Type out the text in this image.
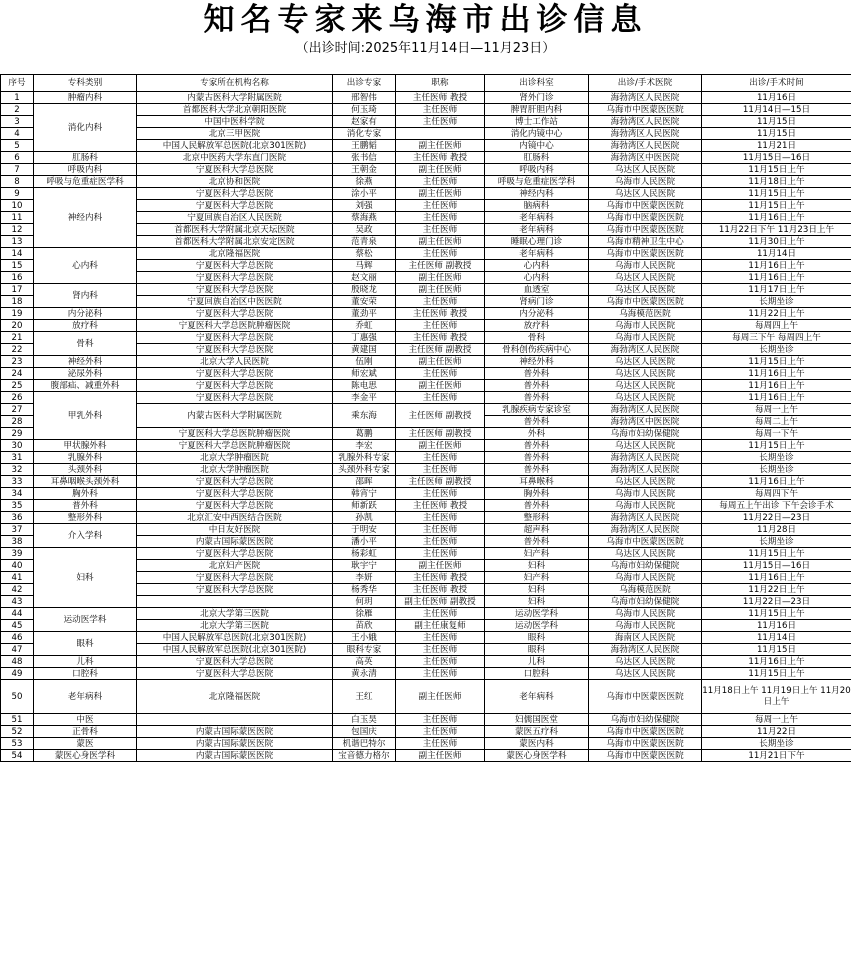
知名专家来乌海市出诊信息
（出诊时间:2025年11月14日—11月23日）
序号	专科类别	专家所在机构名称	出诊专家	职称	出诊科室	出诊/手术医院	出诊/手术时间
1	肿瘤内科	内蒙古医科大学附属医院	邢智伟	主任医师 教授	肾外门诊	海勃湾区人民医院	11月16日
2	消化内科	首都医科大学北京朝阳医院	何玉琦	主任医师	脾胃肝胆内科	乌海市中医蒙医医院	11月14日—15日
3		中国中医科学院	赵家有	主任医师	博士工作站	海勃湾区人民医院	11月15日
4		北京三甲医院	消化专家		消化内镜中心	海勃湾区人民医院	11月15日
5		中国人民解放军总医院(北京301医院)	王鹏韬	副主任医师	内镜中心	海勃湾区人民医院	11月21日
6	肛肠科	北京中医药大学东直门医院	张书信	主任医师 教授	肛肠科	海勃湾区中医医院	11月15日—16日
7	呼吸内科	宁夏医科大学总医院	王朝金	副主任医师	呼吸内科	乌达区人民医院	11月15日上午
8	呼吸与危重症医学科	北京协和医院	徐燕	主任医师	呼吸与危重症医学科	乌海市人民医院	11月18日上午
9	神经内科	宁夏医科大学总医院	涂小平	副主任医师	神经内科	乌达区人民医院	11月15日上午
10		宁夏医科大学总医院	刘强	主任医师	脑病科	乌海市中医蒙医医院	11月15日上午
11		宁夏回族自治区人民医院	蔡海燕	主任医师	老年病科	乌海市中医蒙医医院	11月16日上午
12		首都医科大学附属北京天坛医院	吴政	主任医师	老年病科	乌海市中医蒙医医院	11月22日下午 11月23日上午
13		首都医科大学附属北京安定医院	范青泉	副主任医师	睡眠心理门诊	乌海市精神卫生中心	11月30日上午
14	心内科	北京隆福医院	蔡松	主任医师	老年病科	乌海市中医蒙医医院	11月14日
15		宁夏医科大学总医院	马辉	主任医师 副教授	心内科	乌海市人民医院	11月16日上午
16		宁夏医科大学总医院	赵文丽	副主任医师	心内科	乌达区人民医院	11月16日上午
17	肾内科	宁夏医科大学总医院	殷晓龙	副主任医师	血透室	乌达区人民医院	11月17日上午
18		宁夏回族自治区中医医院	董安荣	主任医师	肾病门诊	乌海市中医蒙医医院	长期坐诊
19	内分泌科	宁夏医科大学总医院	董劲平	主任医师 教授	内分泌科	乌海模范医院	11月22日上午
20	放疗科	宁夏医科大学总医院肿瘤医院	乔虹	主任医师	放疗科	乌海市人民医院	每周四上午
21	骨科	宁夏医科大学总医院	丁惠强	主任医师 教授	骨科	乌海市人民医院	每周三下午 每周四上午
22		宁夏医科大学总医院	黄建国	主任医师 副教授	骨科创伤疾病中心	海勃湾区人民医院	长期坐诊
23	神经外科	北京大学人民医院	伍刚	副主任医师	神经外科	乌达区人民医院	11月15日上午
24	泌尿外科	宁夏医科大学总医院	师宏斌	主任医师	普外科	乌达区人民医院	11月16日上午
25	腹部疝、减重外科	宁夏医科大学总医院	陈电思	副主任医师	普外科	乌达区人民医院	11月16日上午
26	甲乳外科	宁夏医科大学总医院	李金平	主任医师	普外科	乌达区人民医院	11月16日上午
27		内蒙古医科大学附属医院	乘东海	主任医师 副教授	乳腺疾病专家诊室	海勃湾区人民医院	每周一上午
28					普外科	海勃湾区中医医院	每周二上午
29		宁夏医科大学总医院肿瘤医院	葛鹏	主任医师 副教授	外科	乌海市妇幼保健院	每周一下午
30	甲状腺外科	宁夏医科大学总医院肿瘤医院	李宏	副主任医师	普外科	乌达区人民医院	11月15日上午
31	乳腺外科	北京大学肿瘤医院	乳腺外科专家	主任医师	普外科	海勃湾区人民医院	长期坐诊
32	头颈外科	北京大学肿瘤医院	头颈外科专家	主任医师	普外科	海勃湾区人民医院	长期坐诊
33	耳鼻咽喉头颈外科	宁夏医科大学总医院	邵晖	主任医师 副教授	耳鼻喉科	乌达区人民医院	11月16日上午
34	胸外科	宁夏医科大学总医院	韩宵宁	主任医师	胸外科	乌海市人民医院	每周四下午
35	普外科	宁夏医科大学总医院	师新跃	主任医师 教授	普外科	乌海市人民医院	每周五上午出诊 下午会诊手术
36	整形外科	北京汇安中西医结合医院	孙凯	主任医师	整形科	海勃湾区人民医院	11月22日—23日
37	介入学科	中日友好医院	于明安	主任医师	超声科	海勃湾区人民医院	11月28日
38		内蒙古国际蒙医医院	潘小平	主任医师	普外科	乌海市中医蒙医医院	长期坐诊
39	妇科	宁夏医科大学总医院	杨彩虹	主任医师	妇产科	乌达区人民医院	11月15日上午
40		北京妇产医院	耿宇宁	副主任医师	妇科	乌海市妇幼保健院	11月15日—16日
41		宁夏医科大学总医院	李妍	主任医师 教授	妇产科	乌海市人民医院	11月16日上午
42		宁夏医科大学总医院	杨秀华	主任医师 教授	妇科	乌海模范医院	11月22日上午
43			何玥	副主任医师 副教授	妇科	乌海市妇幼保健院	11月22日—23日
44	运动医学科	北京大学第三医院	徐雁	主任医师	运动医学科	乌海市人民医院	11月15日上午
45		北京大学第三医院	苗欣	副主任康复师	运动医学科	乌海市人民医院	11月16日
46	眼科	中国人民解放军总医院(北京301医院)	王小娥	主任医师	眼科	海南区人民医院	11月14日
47		中国人民解放军总医院(北京301医院)	眼科专家	主任医师	眼科	海勃湾区人民医院	11月15日
48	儿科	宁夏医科大学总医院	高英	主任医师	儿科	乌达区人民医院	11月16日上午
49	口腔科	宁夏医科大学总医院	黄永清	主任医师	口腔科	乌达区人民医院	11月15日上午
50	老年病科	北京隆福医院	王红	副主任医师	老年病科	乌海市中医蒙医医院	11月18日上午 11月19日上午 11月20日上午
51	中医		白玉昊	主任医师	妇儒国医堂	乌海市妇幼保健院	每周一上午
52	正骨科	内蒙古国际蒙医医院	包国庆	主任医师	蒙医五疗科	乌海市中医蒙医医院	11月22日
53	蒙医	内蒙古国际蒙医医院	机谐巴特尔	主任医师	蒙医内科	乌海市中医蒙医医院	长期坐诊
54	蒙医心身医学科	内蒙古国际蒙医医院	宝音德力格尔	副主任医师	蒙医心身医学科	乌海市中医蒙医医院	11月21日下午
